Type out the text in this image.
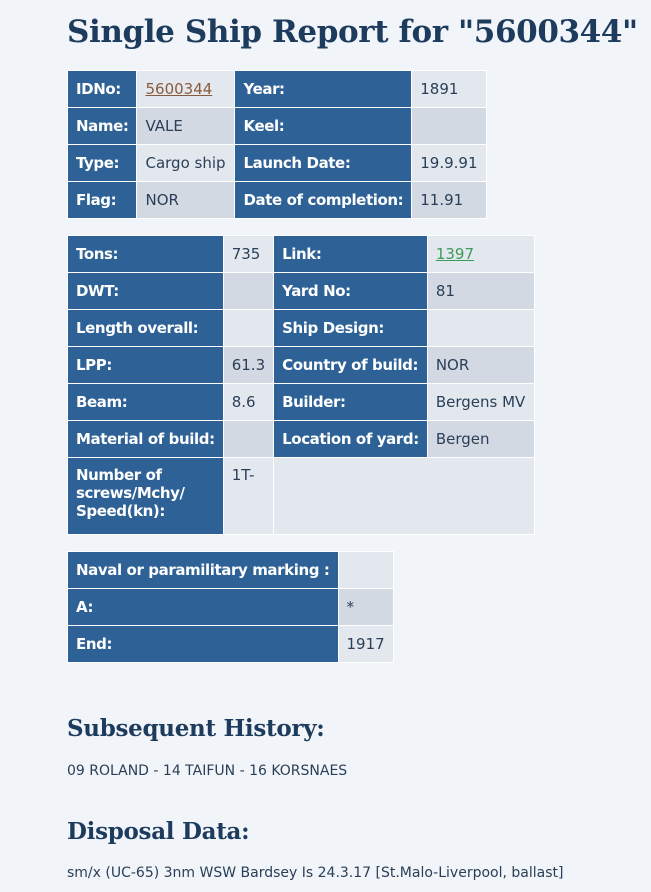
Single Ship Report for "5600344"
IDNo:	5600344	Year:	1891
Name:	VALE	Keel:	
Type:	Cargo ship	Launch Date:	19.9.91
Flag:	NOR	Date of completion:	11.91
Tons:	735	Link:	1397
DWT:		Yard No:	81
Length overall:		Ship Design:	
LPP:	61.3	Country of build:	NOR
Beam:	8.6	Builder:	Bergens MV
Material of build:		Location of yard:	Bergen
Number of screws/Mchy/ Speed(kn):	1T-		
Naval or paramilitary marking :	
A:	*
End:	1917
Subsequent History:

09 ROLAND - 14 TAIFUN - 16 KORSNAES

Disposal Data:

sm/x (UC-65) 3nm WSW Bardsey Is 24.3.17 [St.Malo-Liverpool, ballast]
